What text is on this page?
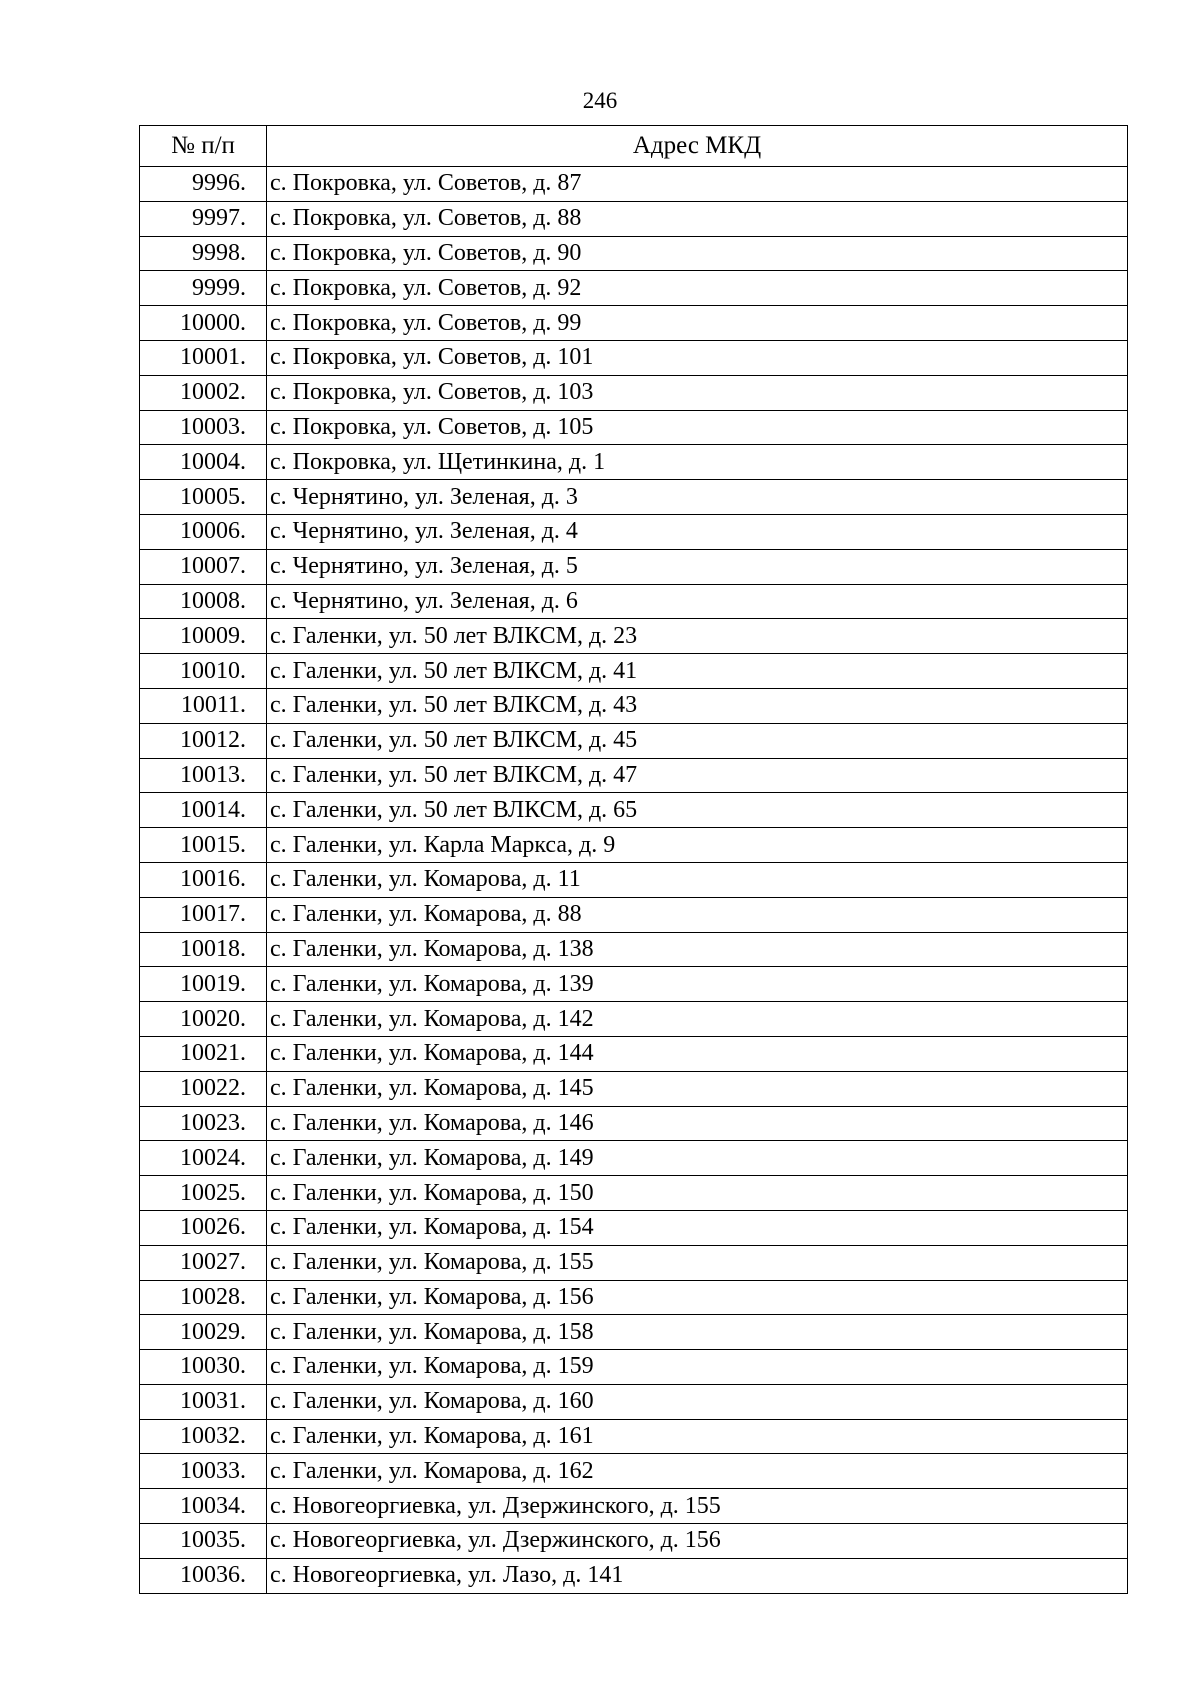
246
№ п/п	Адрес МКД
9996.	с. Покровка, ул. Советов, д. 87
9997.	с. Покровка, ул. Советов, д. 88
9998.	с. Покровка, ул. Советов, д. 90
9999.	с. Покровка, ул. Советов, д. 92
10000.	с. Покровка, ул. Советов, д. 99
10001.	с. Покровка, ул. Советов, д. 101
10002.	с. Покровка, ул. Советов, д. 103
10003.	с. Покровка, ул. Советов, д. 105
10004.	с. Покровка, ул. Щетинкина, д. 1
10005.	с. Чернятино, ул. Зеленая, д. 3
10006.	с. Чернятино, ул. Зеленая, д. 4
10007.	с. Чернятино, ул. Зеленая, д. 5
10008.	с. Чернятино, ул. Зеленая, д. 6
10009.	с. Галенки, ул. 50 лет ВЛКСМ, д. 23
10010.	с. Галенки, ул. 50 лет ВЛКСМ, д. 41
10011.	с. Галенки, ул. 50 лет ВЛКСМ, д. 43
10012.	с. Галенки, ул. 50 лет ВЛКСМ, д. 45
10013.	с. Галенки, ул. 50 лет ВЛКСМ, д. 47
10014.	с. Галенки, ул. 50 лет ВЛКСМ, д. 65
10015.	с. Галенки, ул. Карла Маркса, д. 9
10016.	с. Галенки, ул. Комарова, д. 11
10017.	с. Галенки, ул. Комарова, д. 88
10018.	с. Галенки, ул. Комарова, д. 138
10019.	с. Галенки, ул. Комарова, д. 139
10020.	с. Галенки, ул. Комарова, д. 142
10021.	с. Галенки, ул. Комарова, д. 144
10022.	с. Галенки, ул. Комарова, д. 145
10023.	с. Галенки, ул. Комарова, д. 146
10024.	с. Галенки, ул. Комарова, д. 149
10025.	с. Галенки, ул. Комарова, д. 150
10026.	с. Галенки, ул. Комарова, д. 154
10027.	с. Галенки, ул. Комарова, д. 155
10028.	с. Галенки, ул. Комарова, д. 156
10029.	с. Галенки, ул. Комарова, д. 158
10030.	с. Галенки, ул. Комарова, д. 159
10031.	с. Галенки, ул. Комарова, д. 160
10032.	с. Галенки, ул. Комарова, д. 161
10033.	с. Галенки, ул. Комарова, д. 162
10034.	с. Новогеоргиевка, ул. Дзержинского, д. 155
10035.	с. Новогеоргиевка, ул. Дзержинского, д. 156
10036.	с. Новогеоргиевка, ул. Лазо, д. 141
